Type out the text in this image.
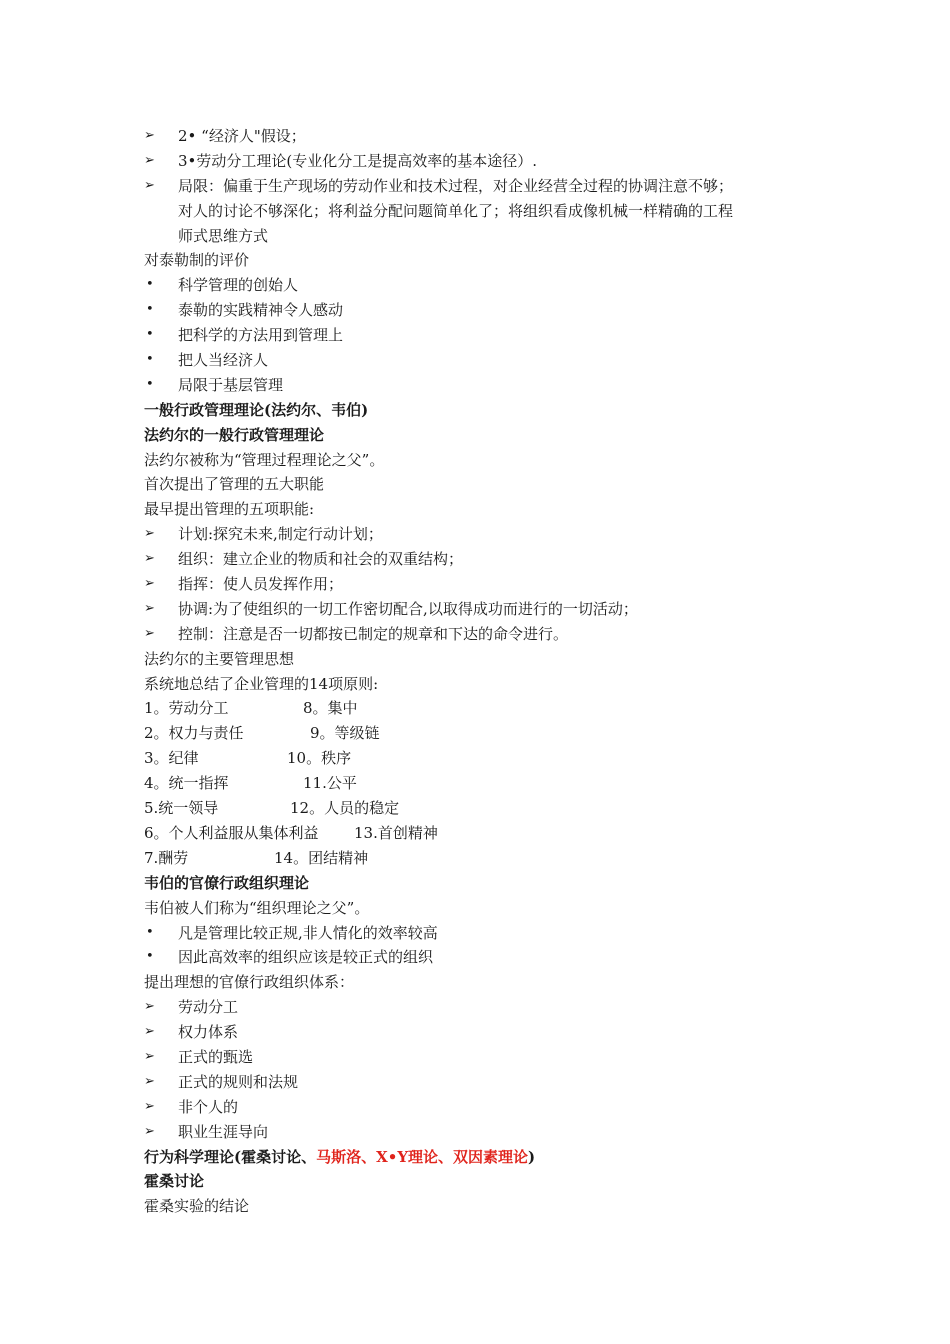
➢	2• “经济人"假设；
➢	3•劳动分工理论(专业化分工是提高效率的基本途径）.
➢	局限：偏重于生产现场的劳动作业和技术过程，对企业经营全过程的协调注意不够；
对人的讨论不够深化；将利益分配问题简单化了；将组织看成像机械一样精确的工程
师式思维方式
对泰勒制的评价
•	科学管理的创始人
•	泰勒的实践精神令人感动
•	把科学的方法用到管理上
•	把人当经济人
•	局限于基层管理
一般行政管理理论(法约尔、韦伯)
法约尔的一般行政管理理论
法约尔被称为“管理过程理论之父”。
首次提出了管理的五大职能
最早提出管理的五项职能:
➢	计划:探究未来,制定行动计划；
➢	组织：建立企业的物质和社会的双重结构；
➢	指挥：使人员发挥作用；
➢	协调:为了使组织的一切工作密切配合,以取得成功而进行的一切活动；
➢	控制：注意是否一切都按已制定的规章和下达的命令进行。
法约尔的主要管理思想
系统地总结了企业管理的14项原则:
1。劳动分工	8。集中
2。权力与责任	9。等级链
3。纪律	10。秩序
4。统一指挥	11.公平
5.统一领导	12。人员的稳定
6。个人利益服从集体利益 13.首创精神
7.酬劳	14。团结精神
韦伯的官僚行政组织理论
韦伯被人们称为“组织理论之父”。
•	凡是管理比较正规,非人情化的效率较高
•	因此高效率的组织应该是较正式的组织
提出理想的官僚行政组织体系：
➢	劳动分工
➢	权力体系
➢	正式的甄选
➢	正式的规则和法规
➢	非个人的
➢	职业生涯导向
行为科学理论(霍桑讨论、马斯洛、X•Y理论、双因素理论)
霍桑讨论
霍桑实验的结论
